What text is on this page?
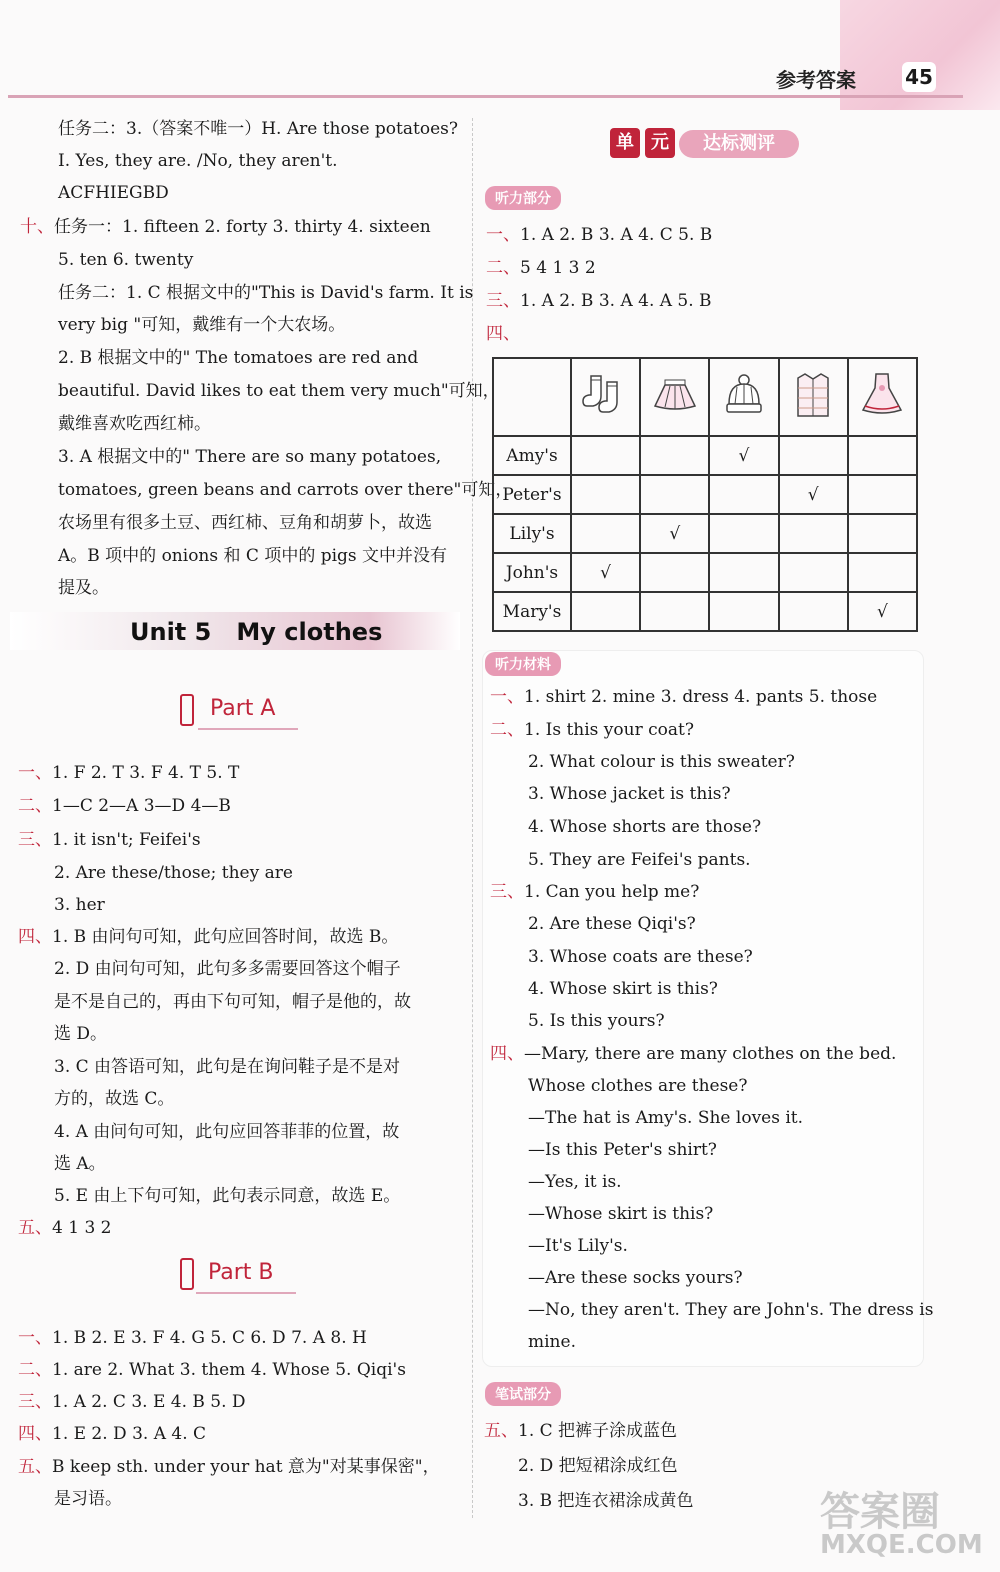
参考答案 45
任务二：3.（答案不唯一）H. Are those potatoes?
I. Yes, they are. /No, they aren't.
ACFHIEGBD
十、任务一：1. fifteen 2. forty 3. thirty 4. sixteen
5. ten 6. twenty
任务二：1. C 根据文中的"This is David's farm. It is
very big "可知，戴维有一个大农场。
2. B 根据文中的" The tomatoes are red and
beautiful. David likes to eat them very much"可知，
戴维喜欢吃西红柿。
3. A 根据文中的" There are so many potatoes,
tomatoes, green beans and carrots over there"可知，
农场里有很多土豆、西红柿、豆角和胡萝卜，故选
A。B 项中的 onions 和 C 项中的 pigs 文中并没有
提及。
Unit 5 My clothes
Part A
一、1. F 2. T 3. F 4. T 5. T
二、1—C 2—A 3—D 4—B
三、1. it isn't; Feifei's
2. Are these/those; they are
3. her
四、1. B 由问句可知，此句应回答时间，故选 B。
2. D 由问句可知，此句多多需要回答这个帽子
是不是自己的，再由下句可知，帽子是他的，故
选 D。
3. C 由答语可知，此句是在询问鞋子是不是对
方的，故选 C。
4. A 由问句可知，此句应回答菲菲的位置，故
选 A。
5. E 由上下句可知，此句表示同意，故选 E。
五、4 1 3 2
Part B
一、1. B 2. E 3. F 4. G 5. C 6. D 7. A 8. H
二、1. are 2. What 3. them 4. Whose 5. Qiqi's
三、1. A 2. C 3. E 4. B 5. D
四、1. E 2. D 3. A 4. C
五、B keep sth. under your hat 意为"对某事保密"，
是习语。
单 元	达标测评
听力部分
一、1. A 2. B 3. A 4. C 5. B
二、5 4 1 3 2
三、1. A 2. B 3. A 4. A 5. B
四、

Amy's			√		
Peter's				√	
Lily's		√			
John's	√				
Mary's					√
听力材料
一、1. shirt 2. mine 3. dress 4. pants 5. those
二、1. Is this your coat?
2. What colour is this sweater?
3. Whose jacket is this?
4. Whose shorts are those?
5. They are Feifei's pants.
三、1. Can you help me?
2. Are these Qiqi's?
3. Whose coats are these?
4. Whose skirt is this?
5. Is this yours?
四、—Mary, there are many clothes on the bed.
Whose clothes are these?
—The hat is Amy's. She loves it.
—Is this Peter's shirt?
—Yes, it is.
—Whose skirt is this?
—It's Lily's.
—Are these socks yours?
—No, they aren't. They are John's. The dress is
mine.
笔试部分
五、1. C 把裤子涂成蓝色
2. D 把短裙涂成红色
3. B 把连衣裙涂成黄色	答案圈
MXQE.COM
